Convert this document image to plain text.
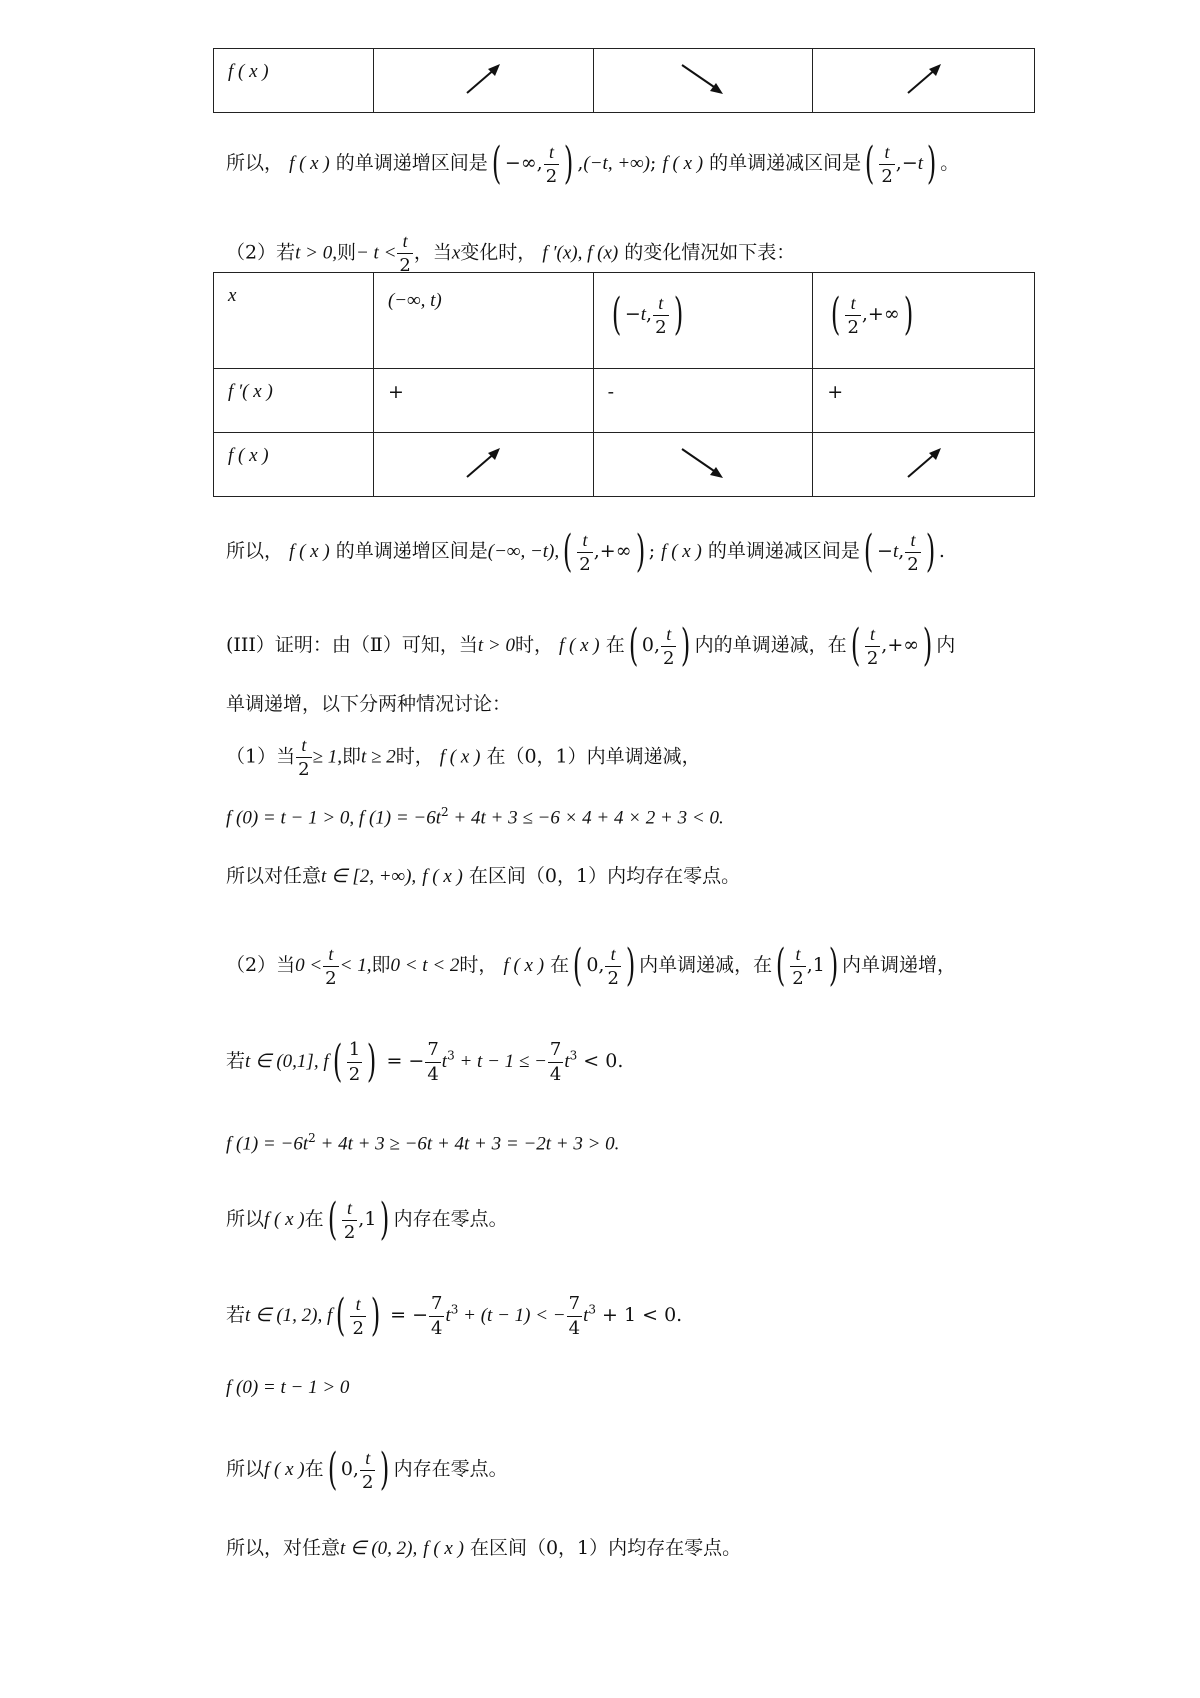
f ( x )

所以， f ( x ) 的单调递增区间是( −∞, $\frac{t}{2}$ ) ,(−t, +∞); f ( x ) 的单调递减区间是( $\frac{t}{2} ,-t$) 。
（2）若t > 0,则− $t < \frac{t}{2}$ ，当x变化时， f ′(x), f (x) 的变化情况如下表：
x	(−∞, t)	( −t, $\frac{t}{2}$ )	( $\frac{t}{2}$ ,+∞)

f ′( x )	+	-	+

f ( x )

所以， f ( x ) 的单调递增区间是(−∞, $-t),( \frac{t}{2}$ ,+∞) ; f ( x ) 的单调递减区间是( −t, $\frac{t}{2}$ ) .
(III）证明：由（Ⅱ）可知，当t > 0时， f ( x ) 在( 0, $\frac{t}{2}$ ) 内的单调递减，在( $\frac{t}{2}$ ,+∞) 内
单调递增，以下分两种情况讨论：
（1）当 $\frac{t}{2} \ge 1$,即t ≥ 2时， f ( x ) 在（0，1）内单调递减，
f (0) = t − 1 > 0, f $(1) = -6t^2 + 4t + 3 \le -6 \times 4 + 4 \times 2 + 3 < 0$.
所以对任意t ∈ [2, +∞), f ( x ) 在区间（0，1）内均存在零点。
（2）当$0 < \frac{t}{2} < 1$,即0 < t < 2时， f ( x ) 在( 0, $\frac{t}{2}$ ) 内单调递减，在( $\frac{t}{2} ,1$) 内单调递增，
若t ∈ (0,1], $f( \frac{1}{2}$ ) = − $\frac{7}{4} t^3 + t - 1$ ≤ − $\frac{7}{4} t^3 < 0$.
f $(1) = -6t^2 + 4t + 3 \ge -6t + 4t + 3 = -2t + 3 > 0$.
所以f ( x )在( $\frac{t}{2} ,1$) 内存在零点。
若t ∈ (1, 2), $f( \frac{t}{2}$ ) = − $\frac{7}{4} t^3 + (t - 1)$ < − $\frac{7}{4} t^3 + 1 < 0$.
f (0) = t − 1 > 0
所以f ( x )在( 0, $\frac{t}{2}$ ) 内存在零点。
所以，对任意t ∈ (0, 2), f ( x ) 在区间（0，1）内均存在零点。
